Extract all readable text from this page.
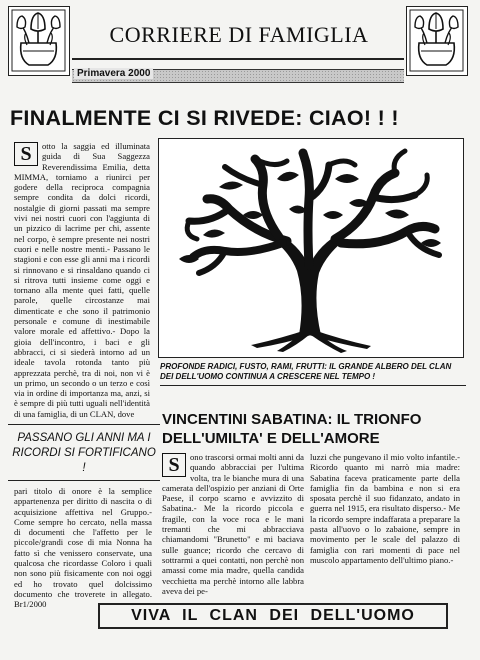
CORRIERE DI FAMIGLIA
Primavera 2000
FINALMENTE CI SI RIVEDE: CIAO! ! !
S	otto la saggia ed illuminata guida di Sua Saggezza Reverendissima Emilia, detta MIMMA, torniamo a riunirci per godere della reciproca compagnia sempre condita da dolci ricordi, nostalgie di giorni passati ma sempre vivi nei nostri cuori con l'aggiunta di un pizzico di lacrime per chi, assente nel corpo, è sempre presente nei nostri cuori e nelle nostre menti.- Passano le stagioni e con esse gli anni ma i ricordi si rinnovano e si rinsaldano quando ci si ritrova tutti insieme come oggi e tornano alla mente quei fatti, quelle parole, quelle circostanze mai dimenticate e che sono il patrimonio personale e comune di inestimabile valore morale ed affettivo.- Dopo la gioia dell'incontro, i baci e gli abbracci, ci si siederà intorno ad un ideale tavola rotonda tanto più apprezzata perchè, tra di noi, non vi è un primo, un secondo o un terzo e così via in ordine di importanza ma, anzi, si è sempre di più tutti uguali nell'identità di una famiglia, di un CLAN, dove

PASSANO GLI ANNI MA I RICORDI SI FORTIFICANO !

pari titolo di onore è la semplice appartenenza per diritto di nascita o di acquisizione affettiva nel Gruppo.- Come sempre ho cercato, nella massa di documenti che l'affetto per le piccole/grandi cose di mia Nonna ha fatto sì che venissero conservate, una qualcosa che ricordasse Coloro i quali non sono più fisicamente con noi oggi ed ho trovato quel dolcissimo documento che troverete in allegato. Br1/2000

PROFONDE RADICI, FUSTO, RAMI, FRUTTI: IL GRANDE ALBERO DEL CLAN DEI DELL'UOMO CONTINUA A CRESCERE NEL TEMPO !
VINCENTINI SABATINA: IL TRIONFO DELL'UMILTA' E DELL'AMORE
S	ono trascorsi ormai molti anni da quando abbracciai per l'ultima volta, tra le bianche mura di una camerata dell'ospizio per anziani di Orte Paese, il corpo scarno e avvizzito di Sabatina.- Me la ricordo piccola e fragile, con la voce roca e le mani tremanti che mi abbracciava chiamandomi "Brunetto" e mi baciava sulle guance; ricordo che cercavo di sottrarmi a quei contatti, non perchè non amassi come mia madre, quella candida vecchietta ma perchè intorno alle labbra aveva dei pe-

luzzi che pungevano il mio volto infantile.- Ricordo quanto mi narrò mia madre: Sabatina faceva praticamente parte della famiglia fin da bambina e non si era sposata perchè il suo fidanzato, andato in guerra nel 1915, era risultato disperso.- Me la ricordo sempre indaffarata a preparare la pasta all'uovo o lo zabaione, sempre in movimento per le scale del palazzo di famiglia con rari momenti di pace nel muscolo appartamento dell'ultimo piano.-

VIVA IL CLAN DEI DELL'UOMO
